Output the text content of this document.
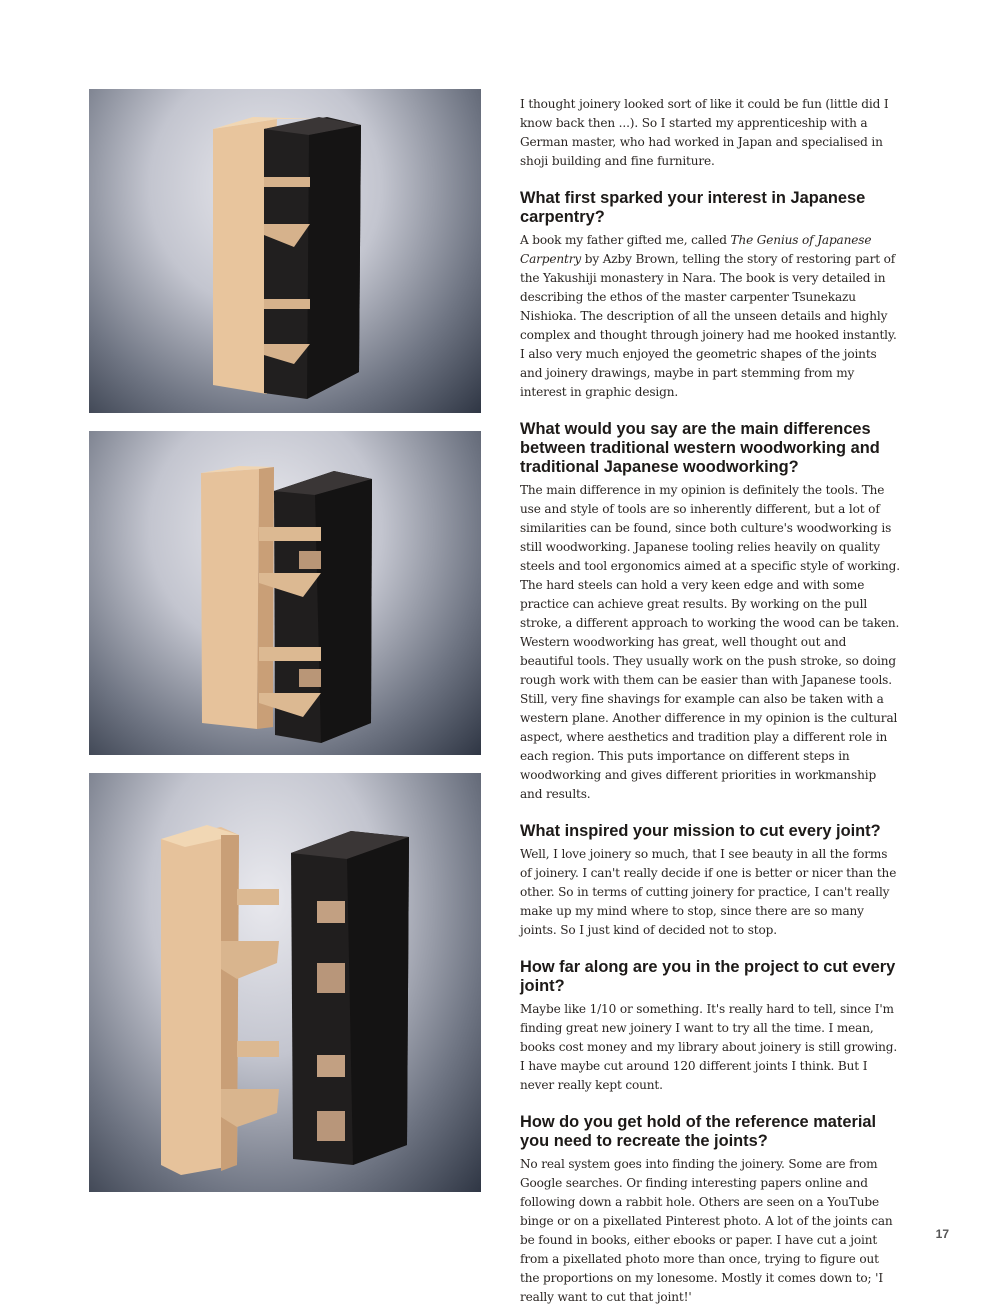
I thought joinery looked sort of like it could be fun (little did I know back then ...). So I started my apprenticeship with a German master, who had worked in Japan and specialised in shoji building and fine furniture.

What first sparked your interest in Japanese carpentry?

A book my father gifted me, called The Genius of Japanese Carpentry by Azby Brown, telling the story of restoring part of the Yakushiji monastery in Nara. The book is very detailed in describing the ethos of the master carpenter Tsunekazu Nishioka. The description of all the unseen details and highly complex and thought through joinery had me hooked instantly. I also very much enjoyed the geometric shapes of the joints and joinery drawings, maybe in part stemming from my interest in graphic design.

What would you say are the main differences between traditional western woodworking and traditional Japanese woodworking?

The main difference in my opinion is definitely the tools. The use and style of tools are so inherently different, but a lot of similarities can be found, since both culture's woodworking is still woodworking. Japanese tooling relies heavily on quality steels and tool ergonomics aimed at a specific style of working. The hard steels can hold a very keen edge and with some practice can achieve great results. By working on the pull stroke, a different approach to working the wood can be taken. Western woodworking has great, well thought out and beautiful tools. They usually work on the push stroke, so doing rough work with them can be easier than with Japanese tools. Still, very fine shavings for example can also be taken with a western plane. Another difference in my opinion is the cultural aspect, where aesthetics and tradition play a different role in each region. This puts importance on different steps in woodworking and gives different priorities in workmanship and results.

What inspired your mission to cut every joint?

Well, I love joinery so much, that I see beauty in all the forms of joinery. I can't really decide if one is better or nicer than the other. So in terms of cutting joinery for practice, I can't really make up my mind where to stop, since there are so many joints. So I just kind of decided not to stop.

How far along are you in the project to cut every joint?

Maybe like 1/10 or something. It's really hard to tell, since I'm finding great new joinery I want to try all the time. I mean, books cost money and my library about joinery is still growing. I have maybe cut around 120 different joints I think. But I never really kept count.

How do you get hold of the reference material you need to recreate the joints?

No real system goes into finding the joinery. Some are from Google searches. Or finding interesting papers online and following down a rabbit hole. Others are seen on a YouTube binge or on a pixellated Pinterest photo. A lot of the joints can be found in books, either ebooks or paper. I have cut a joint from a pixellated photo more than once, trying to figure out the proportions on my lonesome. Mostly it comes down to; 'I really want to cut that joint!'

17
